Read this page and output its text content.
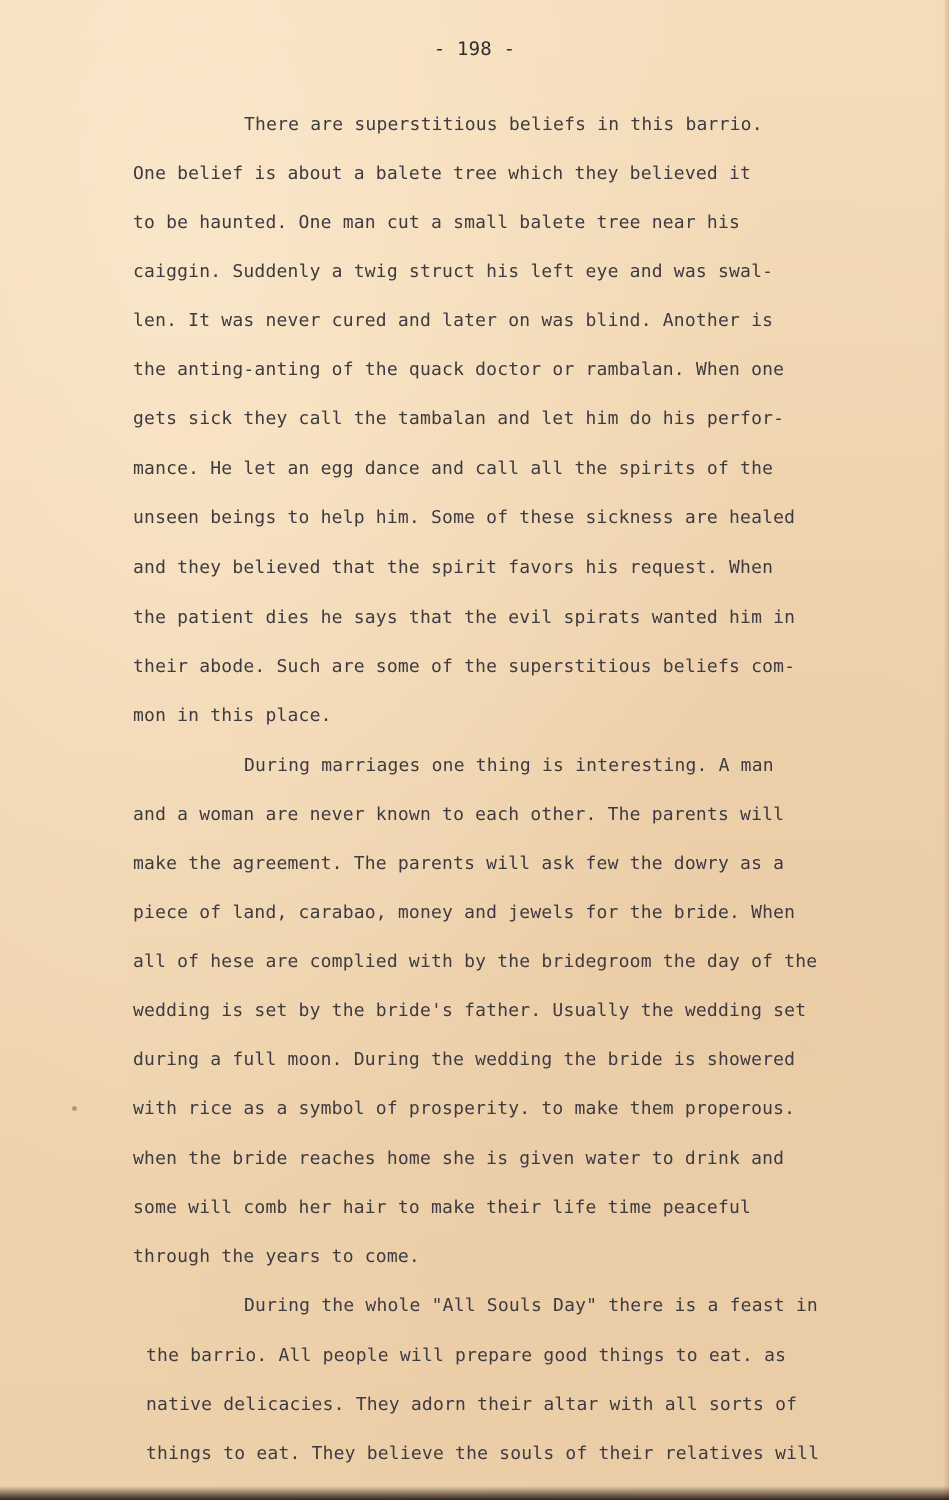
- 198 -
There are superstitious beliefs in this barrio.
One belief is about a balete tree which they believed it
to be haunted. One man cut a small balete tree near his
caiggin. Suddenly a twig struct his left eye and was swal-
len. It was never cured and later on was blind. Another is
the anting-anting of the quack doctor or rambalan. When one
gets sick they call the tambalan and let him do his perfor-
mance. He let an egg dance and call all the spirits of the
unseen beings to help him. Some of these sickness are healed
and they believed that the spirit favors his request. When
the patient dies he says that the evil spirats wanted him in
their abode. Such are some of the superstitious beliefs com-
mon in this place.
During marriages one thing is interesting. A man
and a woman are never known to each other. The parents will
make the agreement. The parents will ask few the dowry as a
piece of land, carabao, money and jewels for the bride. When
all of hese are complied with by the bridegroom the day of the
wedding is set by the bride's father. Usually the wedding set
during a full moon. During the wedding the bride is showered
with rice as a symbol of prosperity. to make them properous.
when the bride reaches home she is given water to drink and
some will comb her hair to make their life time peaceful
through the years to come.
During the whole "All Souls Day" there is a feast in
the barrio. All people will prepare good things to eat. as
native delicacies. They adorn their altar with all sorts of
things to eat. They believe the souls of their relatives will
